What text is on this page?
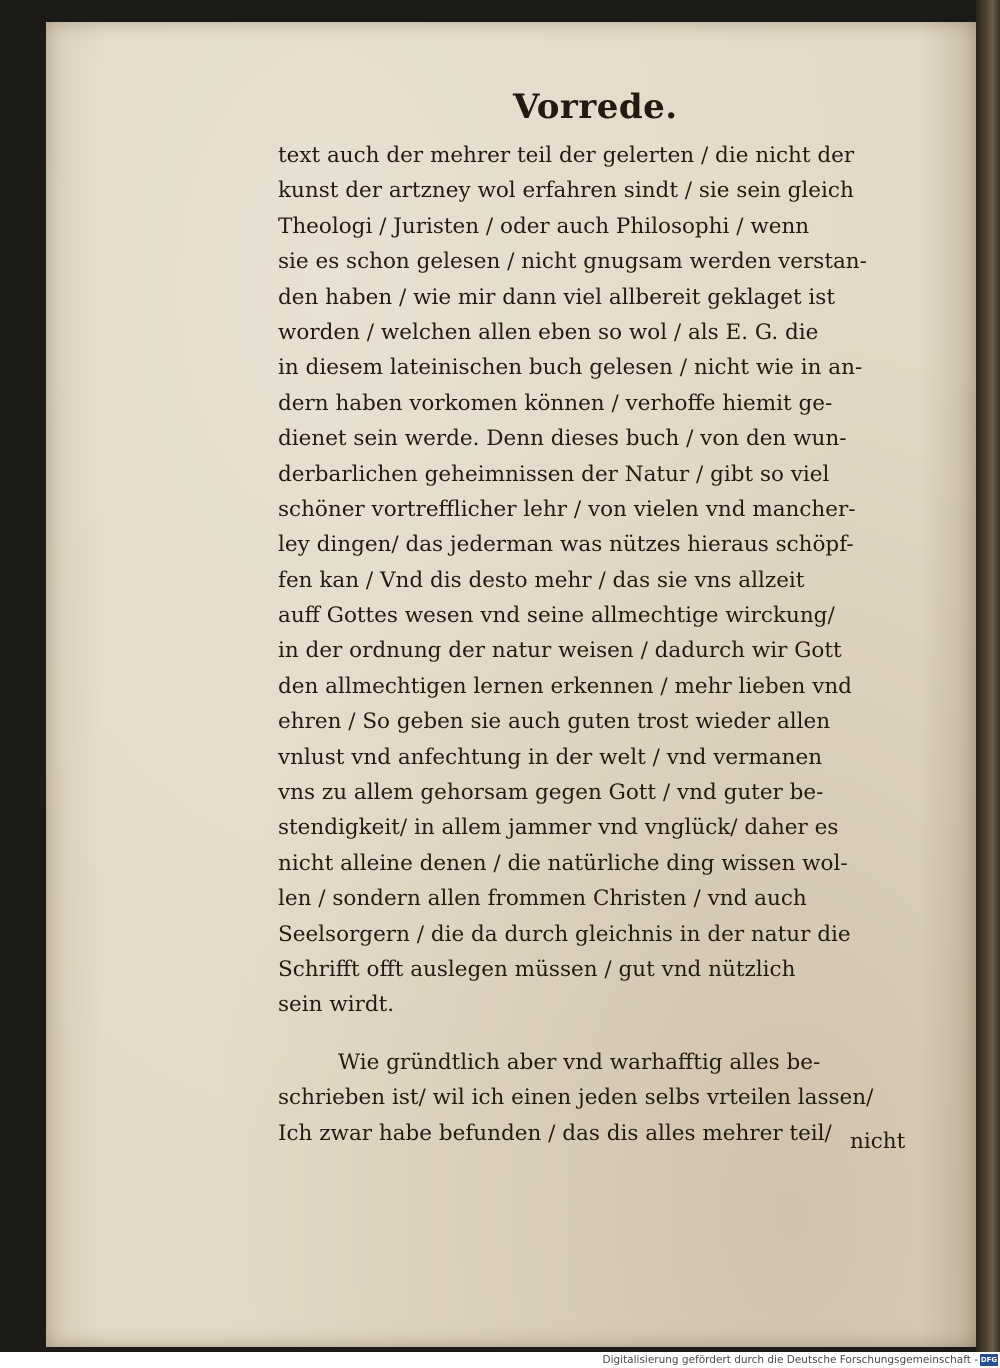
Vorrede.
text auch der mehrer teil der gelerten / die nicht der
kunst der artzney wol erfahren sindt / sie sein gleich
Theologi / Juristen / oder auch Philosophi / wenn
sie es schon gelesen / nicht gnugsam werden verstan-
den haben / wie mir dann viel allbereit geklaget ist
worden / welchen allen eben so wol / als E. G. die
in diesem lateinischen buch gelesen / nicht wie in an-
dern haben vorkomen können / verhoffe hiemit ge-
dienet sein werde. Denn dieses buch / von den wun-
derbarlichen geheimnissen der Natur / gibt so viel
schöner vortrefflicher lehr / von vielen vnd mancher-
ley dingen/ das jederman was nützes hieraus schöpf-
fen kan / Vnd dis desto mehr / das sie vns allzeit
auff Gottes wesen vnd seine allmechtige wirckung/
in der ordnung der natur weisen / dadurch wir Gott
den allmechtigen lernen erkennen / mehr lieben vnd
ehren / So geben sie auch guten trost wieder allen
vnlust vnd anfechtung in der welt / vnd vermanen
vns zu allem gehorsam gegen Gott / vnd guter be-
stendigkeit/ in allem jammer vnd vnglück/ daher es
nicht alleine denen / die natürliche ding wissen wol-
len / sondern allen frommen Christen / vnd auch
Seelsorgern / die da durch gleichnis in der natur die
Schrifft offt auslegen müssen / gut vnd nützlich
sein wirdt.
Wie gründtlich aber vnd warhafftig alles be-
schrieben ist/ wil ich einen jeden selbs vrteilen lassen/
Ich zwar habe befunden / das dis alles mehrer teil/ nicht
Digitalisierung gefördert durch die Deutsche Forschungsgemeinschaft - DFG
